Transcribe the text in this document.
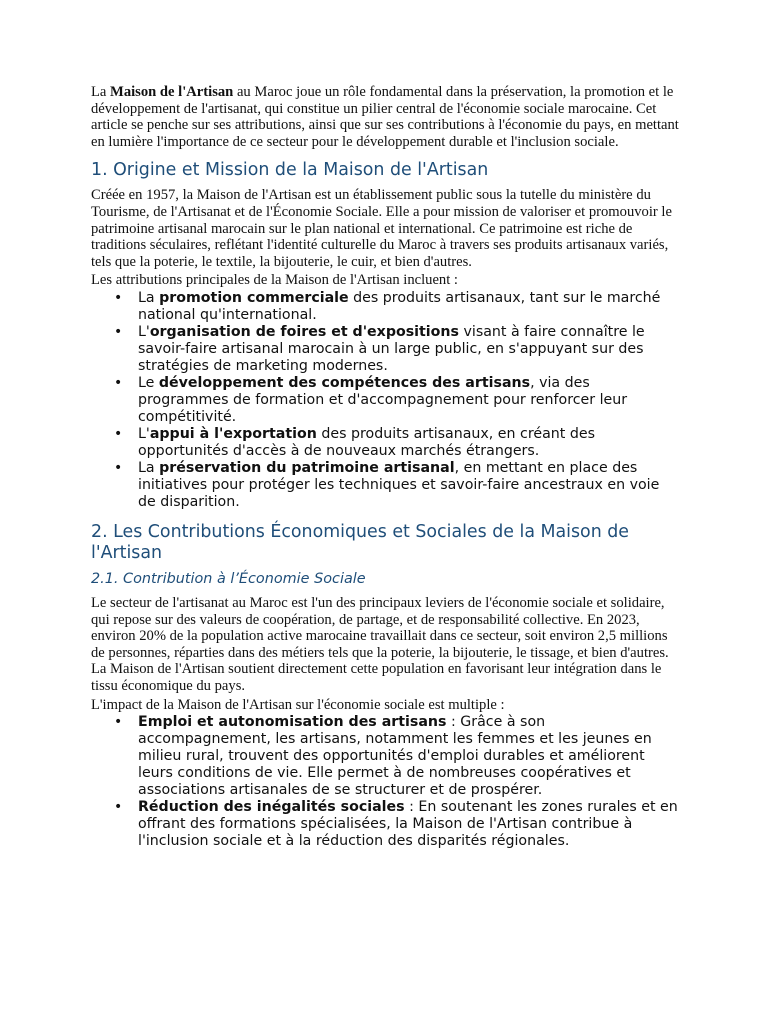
La Maison de l'Artisan au Maroc joue un rôle fondamental dans la préservation, la promotion et le développement de l'artisanat, qui constitue un pilier central de l'économie sociale marocaine. Cet article se penche sur ses attributions, ainsi que sur ses contributions à l'économie du pays, en mettant en lumière l'importance de ce secteur pour le développement durable et l'inclusion sociale.

1. Origine et Mission de la Maison de l'Artisan

Créée en 1957, la Maison de l'Artisan est un établissement public sous la tutelle du ministère du Tourisme, de l'Artisanat et de l'Économie Sociale. Elle a pour mission de valoriser et promouvoir le patrimoine artisanal marocain sur le plan national et international. Ce patrimoine est riche de traditions séculaires, reflétant l'identité culturelle du Maroc à travers ses produits artisanaux variés, tels que la poterie, le textile, la bijouterie, le cuir, et bien d'autres.

Les attributions principales de la Maison de l'Artisan incluent :

• La promotion commerciale des produits artisanaux, tant sur le marché national qu'international.
• L'organisation de foires et d'expositions visant à faire connaître le savoir-faire artisanal marocain à un large public, en s'appuyant sur des stratégies de marketing modernes.
• Le développement des compétences des artisans, via des programmes de formation et d'accompagnement pour renforcer leur compétitivité.
• L'appui à l'exportation des produits artisanaux, en créant des opportunités d'accès à de nouveaux marchés étrangers.
• La préservation du patrimoine artisanal, en mettant en place des initiatives pour protéger les techniques et savoir-faire ancestraux en voie de disparition.
2. Les Contributions Économiques et Sociales de la Maison de l'Artisan
2.1. Contribution à l’Économie Sociale

Le secteur de l'artisanat au Maroc est l'un des principaux leviers de l'économie sociale et solidaire, qui repose sur des valeurs de coopération, de partage, et de responsabilité collective. En 2023, environ 20% de la population active marocaine travaillait dans ce secteur, soit environ 2,5 millions de personnes, réparties dans des métiers tels que la poterie, la bijouterie, le tissage, et bien d'autres. La Maison de l'Artisan soutient directement cette population en favorisant leur intégration dans le tissu économique du pays.

L'impact de la Maison de l'Artisan sur l'économie sociale est multiple :

• Emploi et autonomisation des artisans : Grâce à son accompagnement, les artisans, notamment les femmes et les jeunes en milieu rural, trouvent des opportunités d'emploi durables et améliorent leurs conditions de vie. Elle permet à de nombreuses coopératives et associations artisanales de se structurer et de prospérer.
• Réduction des inégalités sociales : En soutenant les zones rurales et en offrant des formations spécialisées, la Maison de l'Artisan contribue à l'inclusion sociale et à la réduction des disparités régionales.
